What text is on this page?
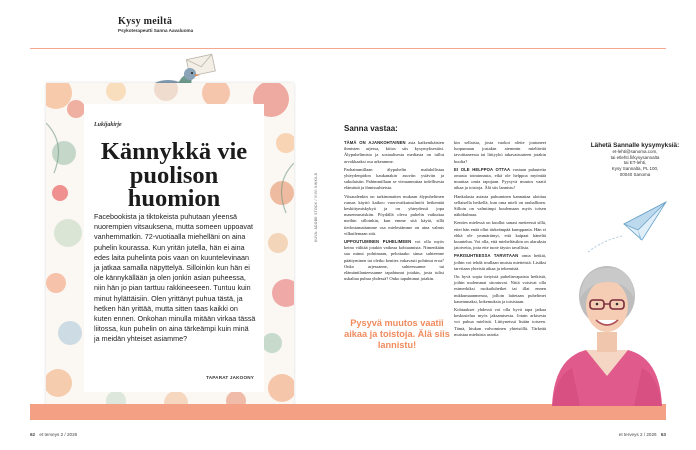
Kysy meiltä
Psykoterapeutti Sanna Aavaluoma
Lukijakirje
Kännykkä vie
puolison
huomion
Facebookista ja tiktokeista puhutaan yleensä nuorempien vitsauksena, mutta someen uppoavat vanhemmatkin. 72-vuotiaalla miehelläni on aina puhelin kourassa. Kun yritän jutella, hän ei aina edes laita puhelinta pois vaan on kuuntelevinaan ja jatkaa samalla näpyttelyä. Silloinkin kun hän ei ole kännykällään ja olen jonkin asian puheessa, niin hän jo pian tarttuu rakkineeseen. Tuntuu kuin minut hylättäisiin. Olen yrittänyt puhua tästä, ja hetken hän yrittää, mutta sitten taas kaikki on kuten ennen. Onkohan minulla mitään virkaa tässä liitossa, kun puhelin on aina tärkeämpi kuin minä ja meidän yhteiset asiamme?
TAPARAT JAKOONY
KUVA: ADOBE STOCK / VIIVI NIKKILÄ
Sanna vastaa:

TÄMÄ ON AJANKOHTAINEN asia kaikenikäisten ihmisten arjessa, kiitos siis kysymyksestäsi. Älypuhelimista ja sosiaalisesta mediasta on tullut arvokkaaksi osa arkeamme.

Parhaimmillaan älypuhelin mahdollistaa yhteydenpidon kaukanakin asuviin ystäviin ja sukulaisiin. Pahimmillaan se vieraannuttaa todellisesta elämästä ja ihmissuhteista.

Viisaudenkin on tarkimmaiten mukaan älypuhelimen runsas käyttö katkoo vuorovaikutusilmiöt heikentää keskittymiskykyä ja on yhteydessä jopa masennusriskiin. Pöydällä oleva puhelin vaikuttaa meihin silloinkin, kun emme sitä käytä, sillä tiedostamattamme osa mielestämme on aina valmis vilkuilemaan sitä.

UPPOUTUMINEN PUHELIMEEN voi olla myös keino välttää jotakin vaikeaa kohtaamista. Nimenkään saa minut pohtimaan, pelottaako sinua suhteenne päättyminen tai oletko kenties vakavasti pohtinut eroa? Onko arjessanne, suhteessanne tai elämäntilanteessanne tapahtunut jotakin, josta tulisi uskaltaa puhua yhdessä? Onko tapahtunut jotakin.

kin sellaista, josta vaokoi olette joutuneet luopumaan jostakin aiemmin mieltävää tavoittaneesta tai liittyykö takavaisuuteen jotakin huolta?

EI OLE HELPPOA OTTAA vastaan palautetta omasta toiminnasta, eikä ole helppoa myöntää muuttaa omia tapojaan. Pyysyvä muutos vaatii aikaa ja toistoja. Älä siis lannistu!

Hankalasta asiasta puhuminen kannattaa aloittaa sellaisella hetkellä, kun oma mieli on rauhallinen. Silloin on valmiimpi kuulemaan myös toisen näkökulmaa.

Kenties mielessä on kuullut sanasi metteessä sillä, ettei hän enää ollut tärkeämpää kumppania. Hän ei ehkä ole ymmärtänyt, että kaipaat häneltä kuuntelua. Voi olla, että mieheltäsikin on alaraksia jatoiveita, jotta ette tuote täysin tavallisia.

PARISUHTEESSA TARVITAAN omia hetkiä, joihin voi tehdä irrallaan muista mietteistä. Lisäksi tarvitaan yhteisiä aikaa ja tekemistä.

On hyvä sopia tietyistä puhelinvapaista hetkistä, joihin molemmat sitoutuvat. Niitä voisivat olla esimerkiksi ruokailuhetket tai illat ennen nukkumaanmenoa, jolloin laitetaan puhelimet kauemmaksi, kokemuksia ja toisistaan.

Kohtaukset yhdessä voi olla hyvä tapa jatkaa keskustelua myös jaksamisesta. Jotain arkisesta voi puhua mielistä. Liittyneissä lisään toiseen. Tämä, hiukan valvominen yhteisöllä. Tärkeää muistaa mieluista asioita

Pysyvä muutos vaatii aikaa ja toistoja. Älä siis lannistu!
Lähetä Sannalle kysymyksiä:
et-lehti@sanoma.com,
tai etlehti.fi/kysysannalta
tai ET-lehti,
Kysy Sannalta, PL 100,
00040 Sanoma
62 et terveys 2 / 2026	et terveys 2 / 2026 63
